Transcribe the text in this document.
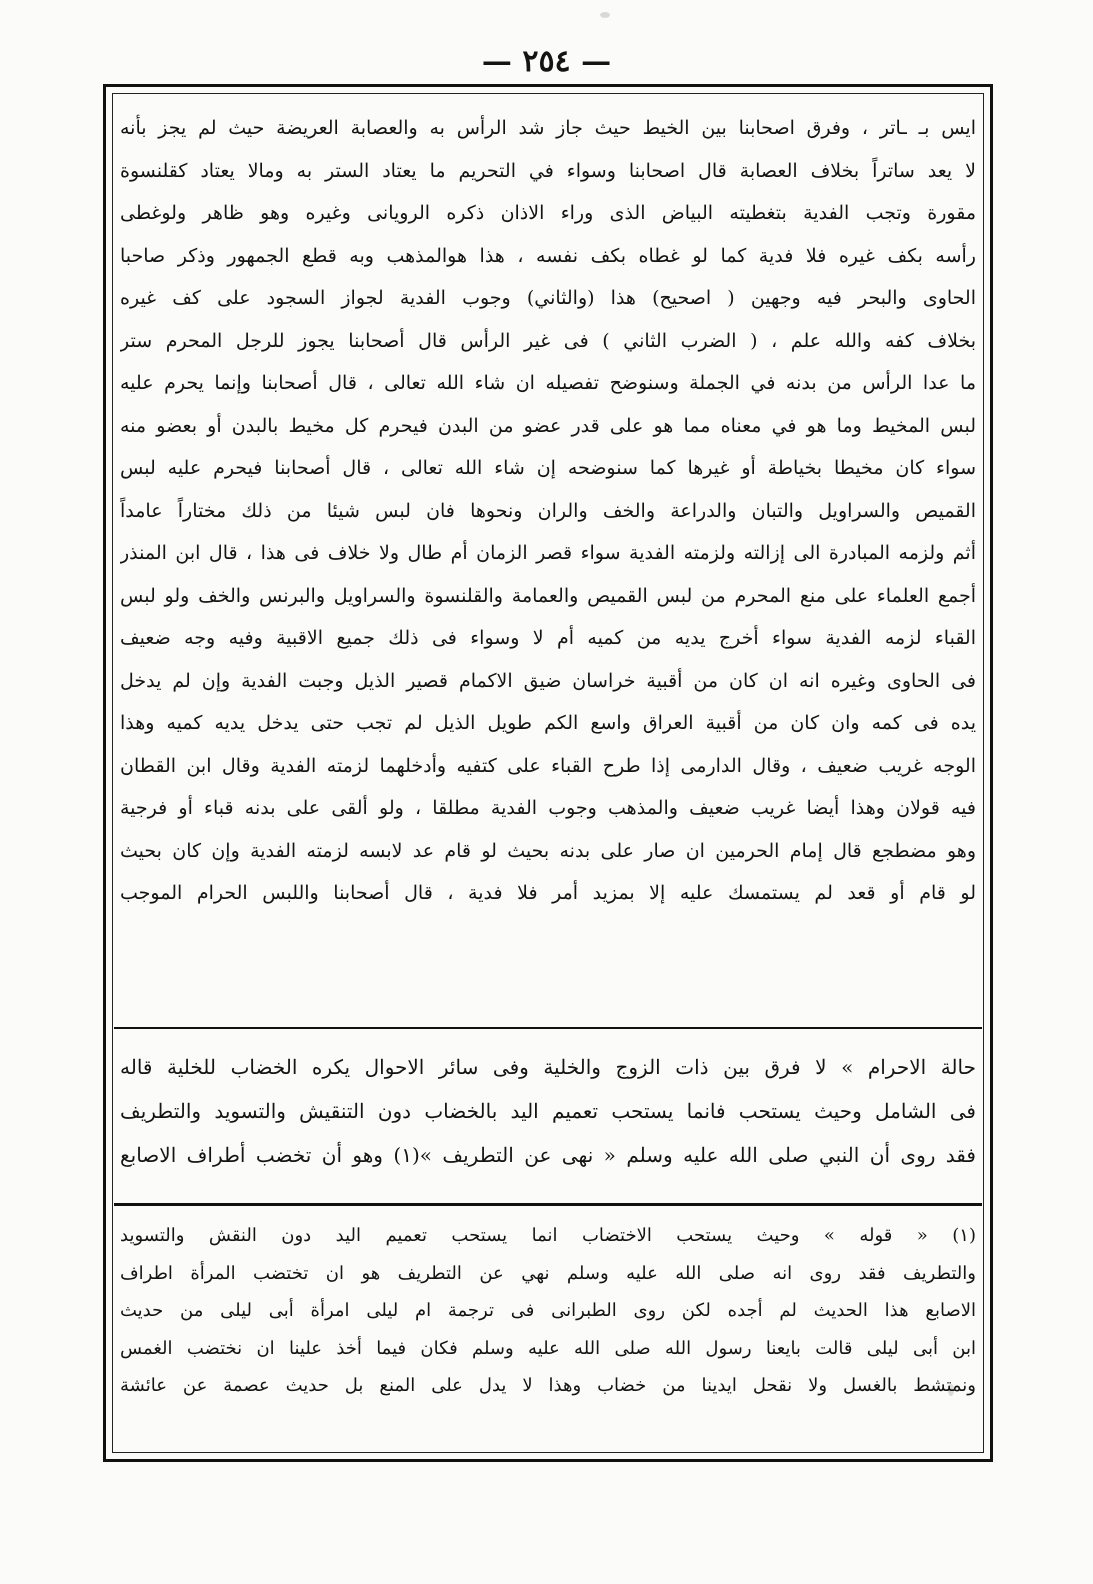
— ٢٥٤ —
ايس بـ ـاتر ، وفرق اصحابنا بين الخيط حيث جاز شد الرأس به والعصابة العريضة حيث لم يجز بأنه
لا يعد ساتراً بخلاف العصابة قال اصحابنا وسواء في التحريم ما يعتاد الستر به ومالا يعتاد كقلنسوة
مقورة وتجب الفدية بتغطيته البياض الذى وراء الاذان ذكره الرويانى وغيره وهو ظاهر ولوغطى
رأسه بكف غيره فلا فدية كما لو غطاه بكف نفسه ، هذا هوالمذهب وبه قطع الجمهور وذكر صاحبا
الحاوى والبحر فيه وجهين ( اصحيح) هذا (والثاني) وجوب الفدية لجواز السجود على كف غيره
بخلاف كفه والله علم ، ( الضرب الثاني ) فى غير الرأس قال أصحابنا يجوز للرجل المحرم ستر
ما عدا الرأس من بدنه في الجملة وسنوضح تفصيله ان شاء الله تعالى ، قال أصحابنا وإنما يحرم عليه
لبس المخيط وما هو في معناه مما هو على قدر عضو من البدن فيحرم كل مخيط بالبدن أو بعضو منه
سواء كان مخيطا بخياطة أو غيرها كما سنوضحه إن شاء الله تعالى ، قال أصحابنا فيحرم عليه لبس
القميص والسراويل والتبان والدراعة والخف والران ونحوها فان لبس شيئا من ذلك مختاراً عامداً
أثم ولزمه المبادرة الى إزالته ولزمته الفدية سواء قصر الزمان أم طال ولا خلاف فى هذا ، قال ابن المنذر
أجمع العلماء على منع المحرم من لبس القميص والعمامة والقلنسوة والسراويل والبرنس والخف ولو لبس
القباء لزمه الفدية سواء أخرج يديه من كميه أم لا وسواء فى ذلك جميع الاقبية وفيه وجه ضعيف
فى الحاوى وغيره انه ان كان من أقبية خراسان ضيق الاكمام قصير الذيل وجبت الفدية وإن لم يدخل
يده فى كمه وان كان من أقبية العراق واسع الكم طويل الذيل لم تجب حتى يدخل يديه كميه وهذا
الوجه غريب ضعيف ، وقال الدارمى إذا طرح القباء على كتفيه وأدخلهما لزمته الفدية وقال ابن القطان
فيه قولان وهذا أيضا غريب ضعيف والمذهب وجوب الفدية مطلقا ، ولو ألقى على بدنه قباء أو فرجية
وهو مضطجع قال إمام الحرمين ان صار على بدنه بحيث لو قام عد لابسه لزمته الفدية وإن كان بحيث
لو قام أو قعد لم يستمسك عليه إلا بمزيد أمر فلا فدية ، قال أصحابنا واللبس الحرام الموجب
حالة الاحرام » لا فرق بين ذات الزوج والخلية وفى سائر الاحوال يكره الخضاب للخلية قاله
فى الشامل وحيث يستحب فانما يستحب تعميم اليد بالخضاب دون التنقيش والتسويد والتطريف
فقد روى أن النبي صلى الله عليه وسلم « نهى عن التطريف »(١) وهو أن تخضب أطراف الاصابع
(١) « قوله » وحيث يستحب الاختضاب انما يستحب تعميم اليد دون النقش والتسويد
والتطريف فقد روى انه صلى الله عليه وسلم نهي عن التطريف هو ان تختضب المرأة اطراف
الاصابع هذا الحديث لم أجده لكن روى الطبرانى فى ترجمة ام ليلى امرأة أبى ليلى من حديث
ابن أبى ليلى قالت بايعنا رسول الله صلى الله عليه وسلم فكان فيما أخذ علينا ان نختضب الغمس
ونمتشط بالغسل ولا نقحل ايدينا من خضاب وهذا لا يدل على المنع بل حديث عصمة عن عائشة
